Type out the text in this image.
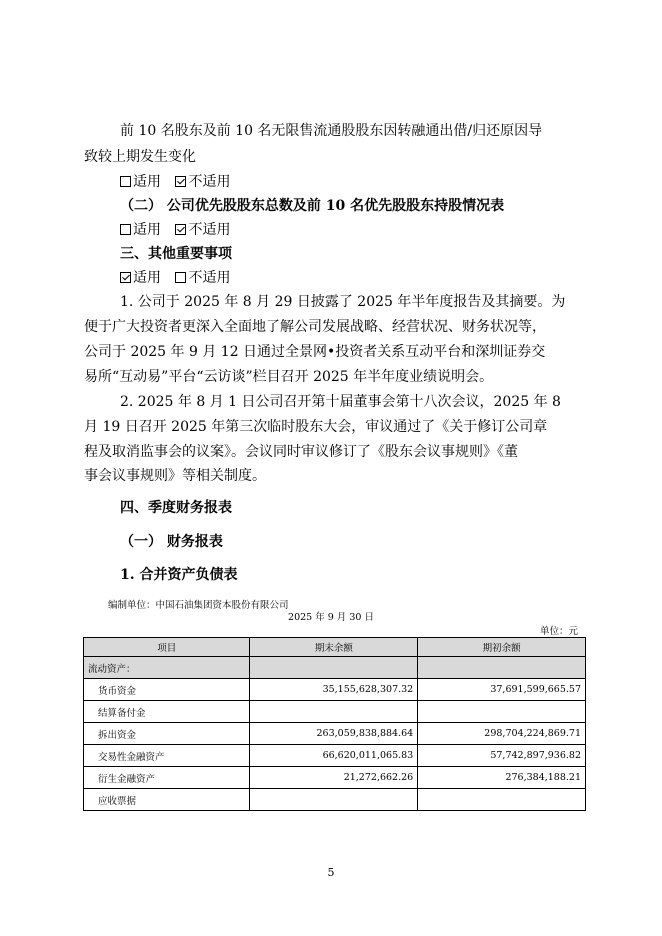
前 10 名股东及前 10 名无限售流通股股东因转融通出借/归还原因导
致较上期发生变化
适用 不适用
（二） 公司优先股股东总数及前 10 名优先股股东持股情况表
适用 不适用
三、其他重要事项
适用 不适用
1. 公司于 2025 年 8 月 29 日披露了 2025 年半年度报告及其摘要。为
便于广大投资者更深入全面地了解公司发展战略、经营状况、财务状况等，
公司于 2025 年 9 月 12 日通过全景网•投资者关系互动平台和深圳证券交
易所“互动易”平台“云访谈”栏目召开 2025 年半年度业绩说明会。
2. 2025 年 8 月 1 日公司召开第十届董事会第十八次会议，2025 年 8
月 19 日召开 2025 年第三次临时股东大会，审议通过了《关于修订公司章
程及取消监事会的议案》。会议同时审议修订了《股东会议事规则》《董
事会议事规则》等相关制度。
四、季度财务报表
（一） 财务报表
1. 合并资产负债表
编制单位：中国石油集团资本股份有限公司
2025 年 9 月 30 日
单位：元
项目	期末余额	期初余额
流动资产：		
货币资金	35,155,628,307.32	37,691,599,665.57
结算备付金		
拆出资金	263,059,838,884.64	298,704,224,869.71
交易性金融资产	66,620,011,065.83	57,742,897,936.82
衍生金融资产	21,272,662.26	276,384,188.21
应收票据		
5
